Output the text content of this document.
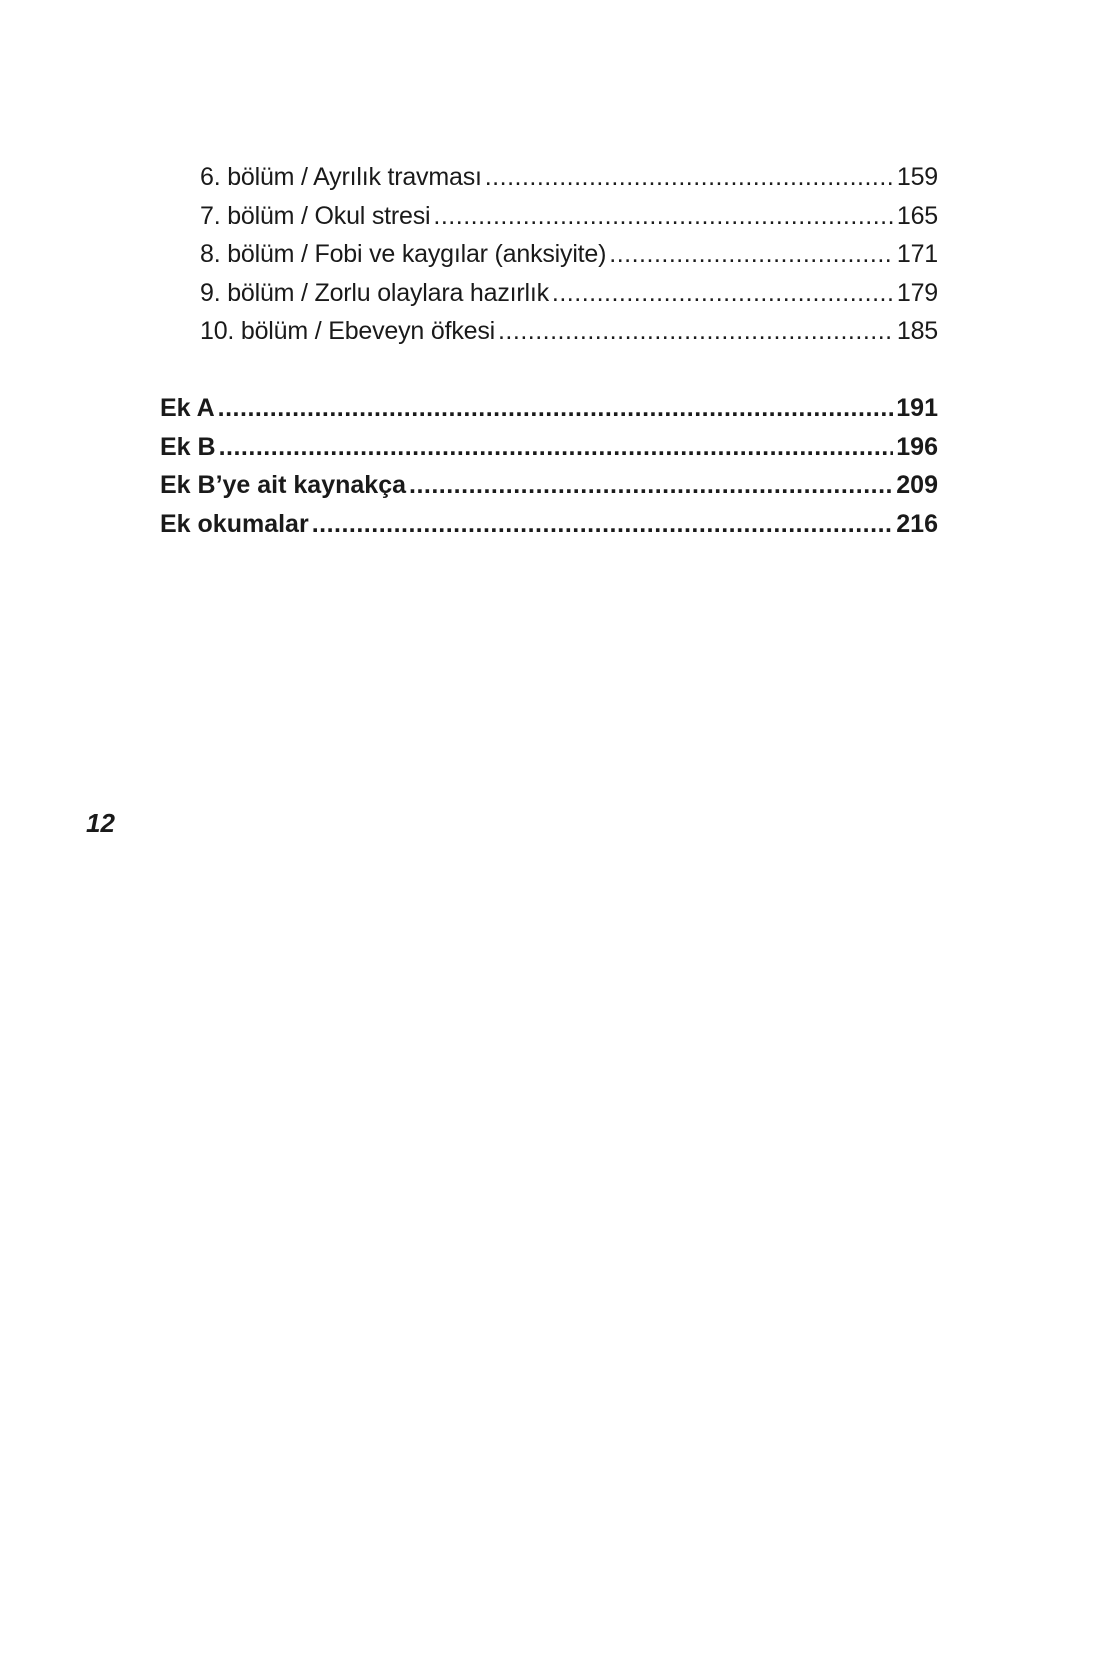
6. bölüm / Ayrılık travması .....	159
7. bölüm / Okul stresi .....	165
8. bölüm / Fobi ve kaygılar (anksiyite) .....	171
9. bölüm / Zorlu olaylara hazırlık .....	179
10. bölüm / Ebeveyn öfkesi .....	185
Ek A .....	191
Ek B .....	196
Ek B’ye ait kaynakça .....	209
Ek okumalar .....	216
12
